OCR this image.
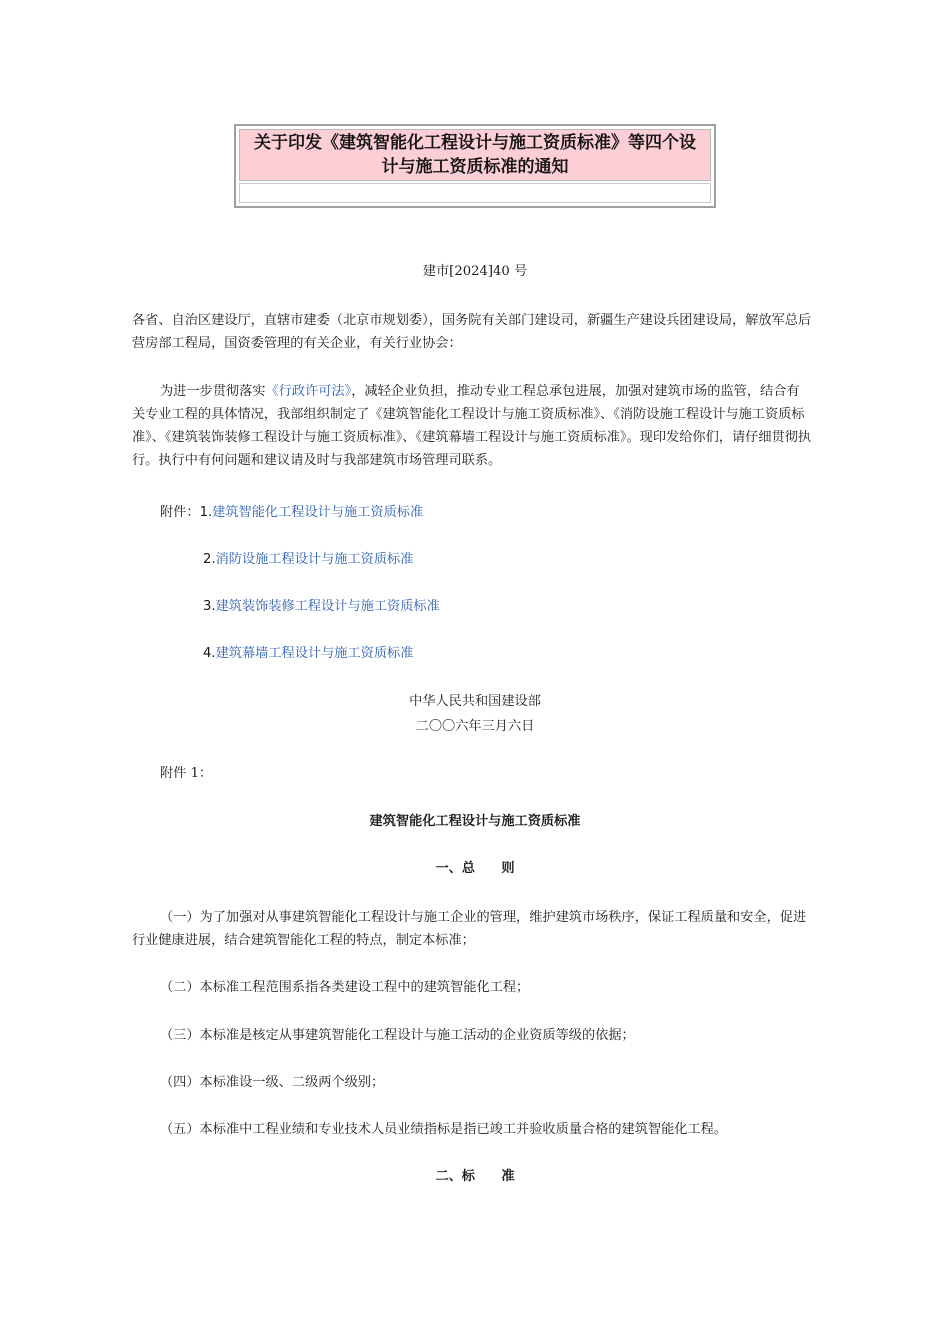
关于印发《建筑智能化工程设计与施工资质标准》等四个设计与施工资质标准的通知

建市[2024]40 号

各省、自治区建设厅，直辖市建委（北京市规划委），国务院有关部门建设司，新疆生产建设兵团建设局，解放军总后营房部工程局，国资委管理的有关企业，有关行业协会：

为进一步贯彻落实《行政许可法》，减轻企业负担，推动专业工程总承包进展，加强对建筑市场的监管，结合有关专业工程的具体情况，我部组织制定了《建筑智能化工程设计与施工资质标准》、《消防设施工程设计与施工资质标准》、《建筑装饰装修工程设计与施工资质标准》、《建筑幕墙工程设计与施工资质标准》。现印发给你们，请仔细贯彻执行。执行中有何问题和建议请及时与我部建筑市场管理司联系。

附件：1.建筑智能化工程设计与施工资质标准

2.消防设施工程设计与施工资质标准

3.建筑装饰装修工程设计与施工资质标准

4.建筑幕墙工程设计与施工资质标准

中华人民共和国建设部

二〇〇六年三月六日

附件 1：

建筑智能化工程设计与施工资质标准

一、总　　则

（一）为了加强对从事建筑智能化工程设计与施工企业的管理，维护建筑市场秩序，保证工程质量和安全，促进行业健康进展，结合建筑智能化工程的特点，制定本标准；

（二）本标准工程范围系指各类建设工程中的建筑智能化工程；

（三）本标准是核定从事建筑智能化工程设计与施工活动的企业资质等级的依据；

（四）本标准设一级、二级两个级别；

（五）本标准中工程业绩和专业技术人员业绩指标是指已竣工并验收质量合格的建筑智能化工程。

二、标　　准
